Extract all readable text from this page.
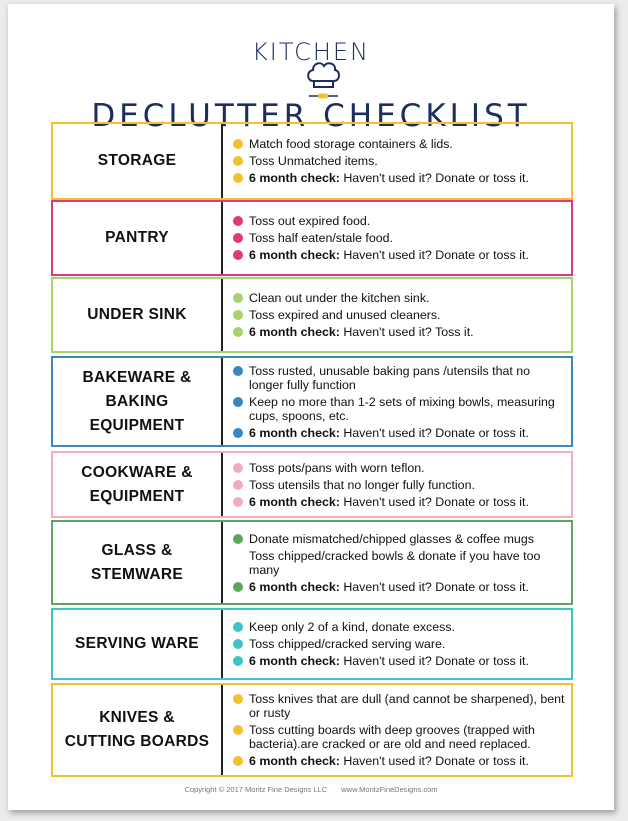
KITCHEN
DECLUTTER CHECKLIST
STORAGE
Match food storage containers & lids.
Toss Unmatched items.
6 month check: Haven't used it? Donate or toss it.
PANTRY
Toss out expired food.
Toss half eaten/stale food.
6 month check: Haven't used it? Donate or toss it.
UNDER SINK
Clean out under the kitchen sink.
Toss expired and unused cleaners.
6 month check: Haven't used it? Toss it.
BAKEWARE &
BAKING EQUIPMENT
Toss rusted, unusable baking pans /utensils that no longer fully function
Keep no more than 1-2 sets of mixing bowls, measuring cups, spoons, etc.
6 month check: Haven't used it? Donate or toss it.
COOKWARE &
EQUIPMENT
Toss pots/pans with worn teflon.
Toss utensils that no longer fully function.
6 month check: Haven't used it? Donate or toss it.
GLASS &
STEMWARE
Donate mismatched/chipped glasses & coffee mugs
Toss chipped/cracked bowls & donate if you have too many
6 month check: Haven't used it? Donate or toss it.
SERVING WARE
Keep only 2 of a kind, donate excess.
Toss chipped/cracked serving ware.
6 month check: Haven't used it? Donate or toss it.
KNIVES &
CUTTING BOARDS
Toss knives that are dull (and cannot be sharpened), bent or rusty
Toss cutting boards with deep grooves (trapped with bacteria).are cracked or are old and need replaced.
6 month check: Haven't used it? Donate or toss it.
Copyright © 2017 Moritz Fine Designs LLC www.MoritzFineDesigns.com
